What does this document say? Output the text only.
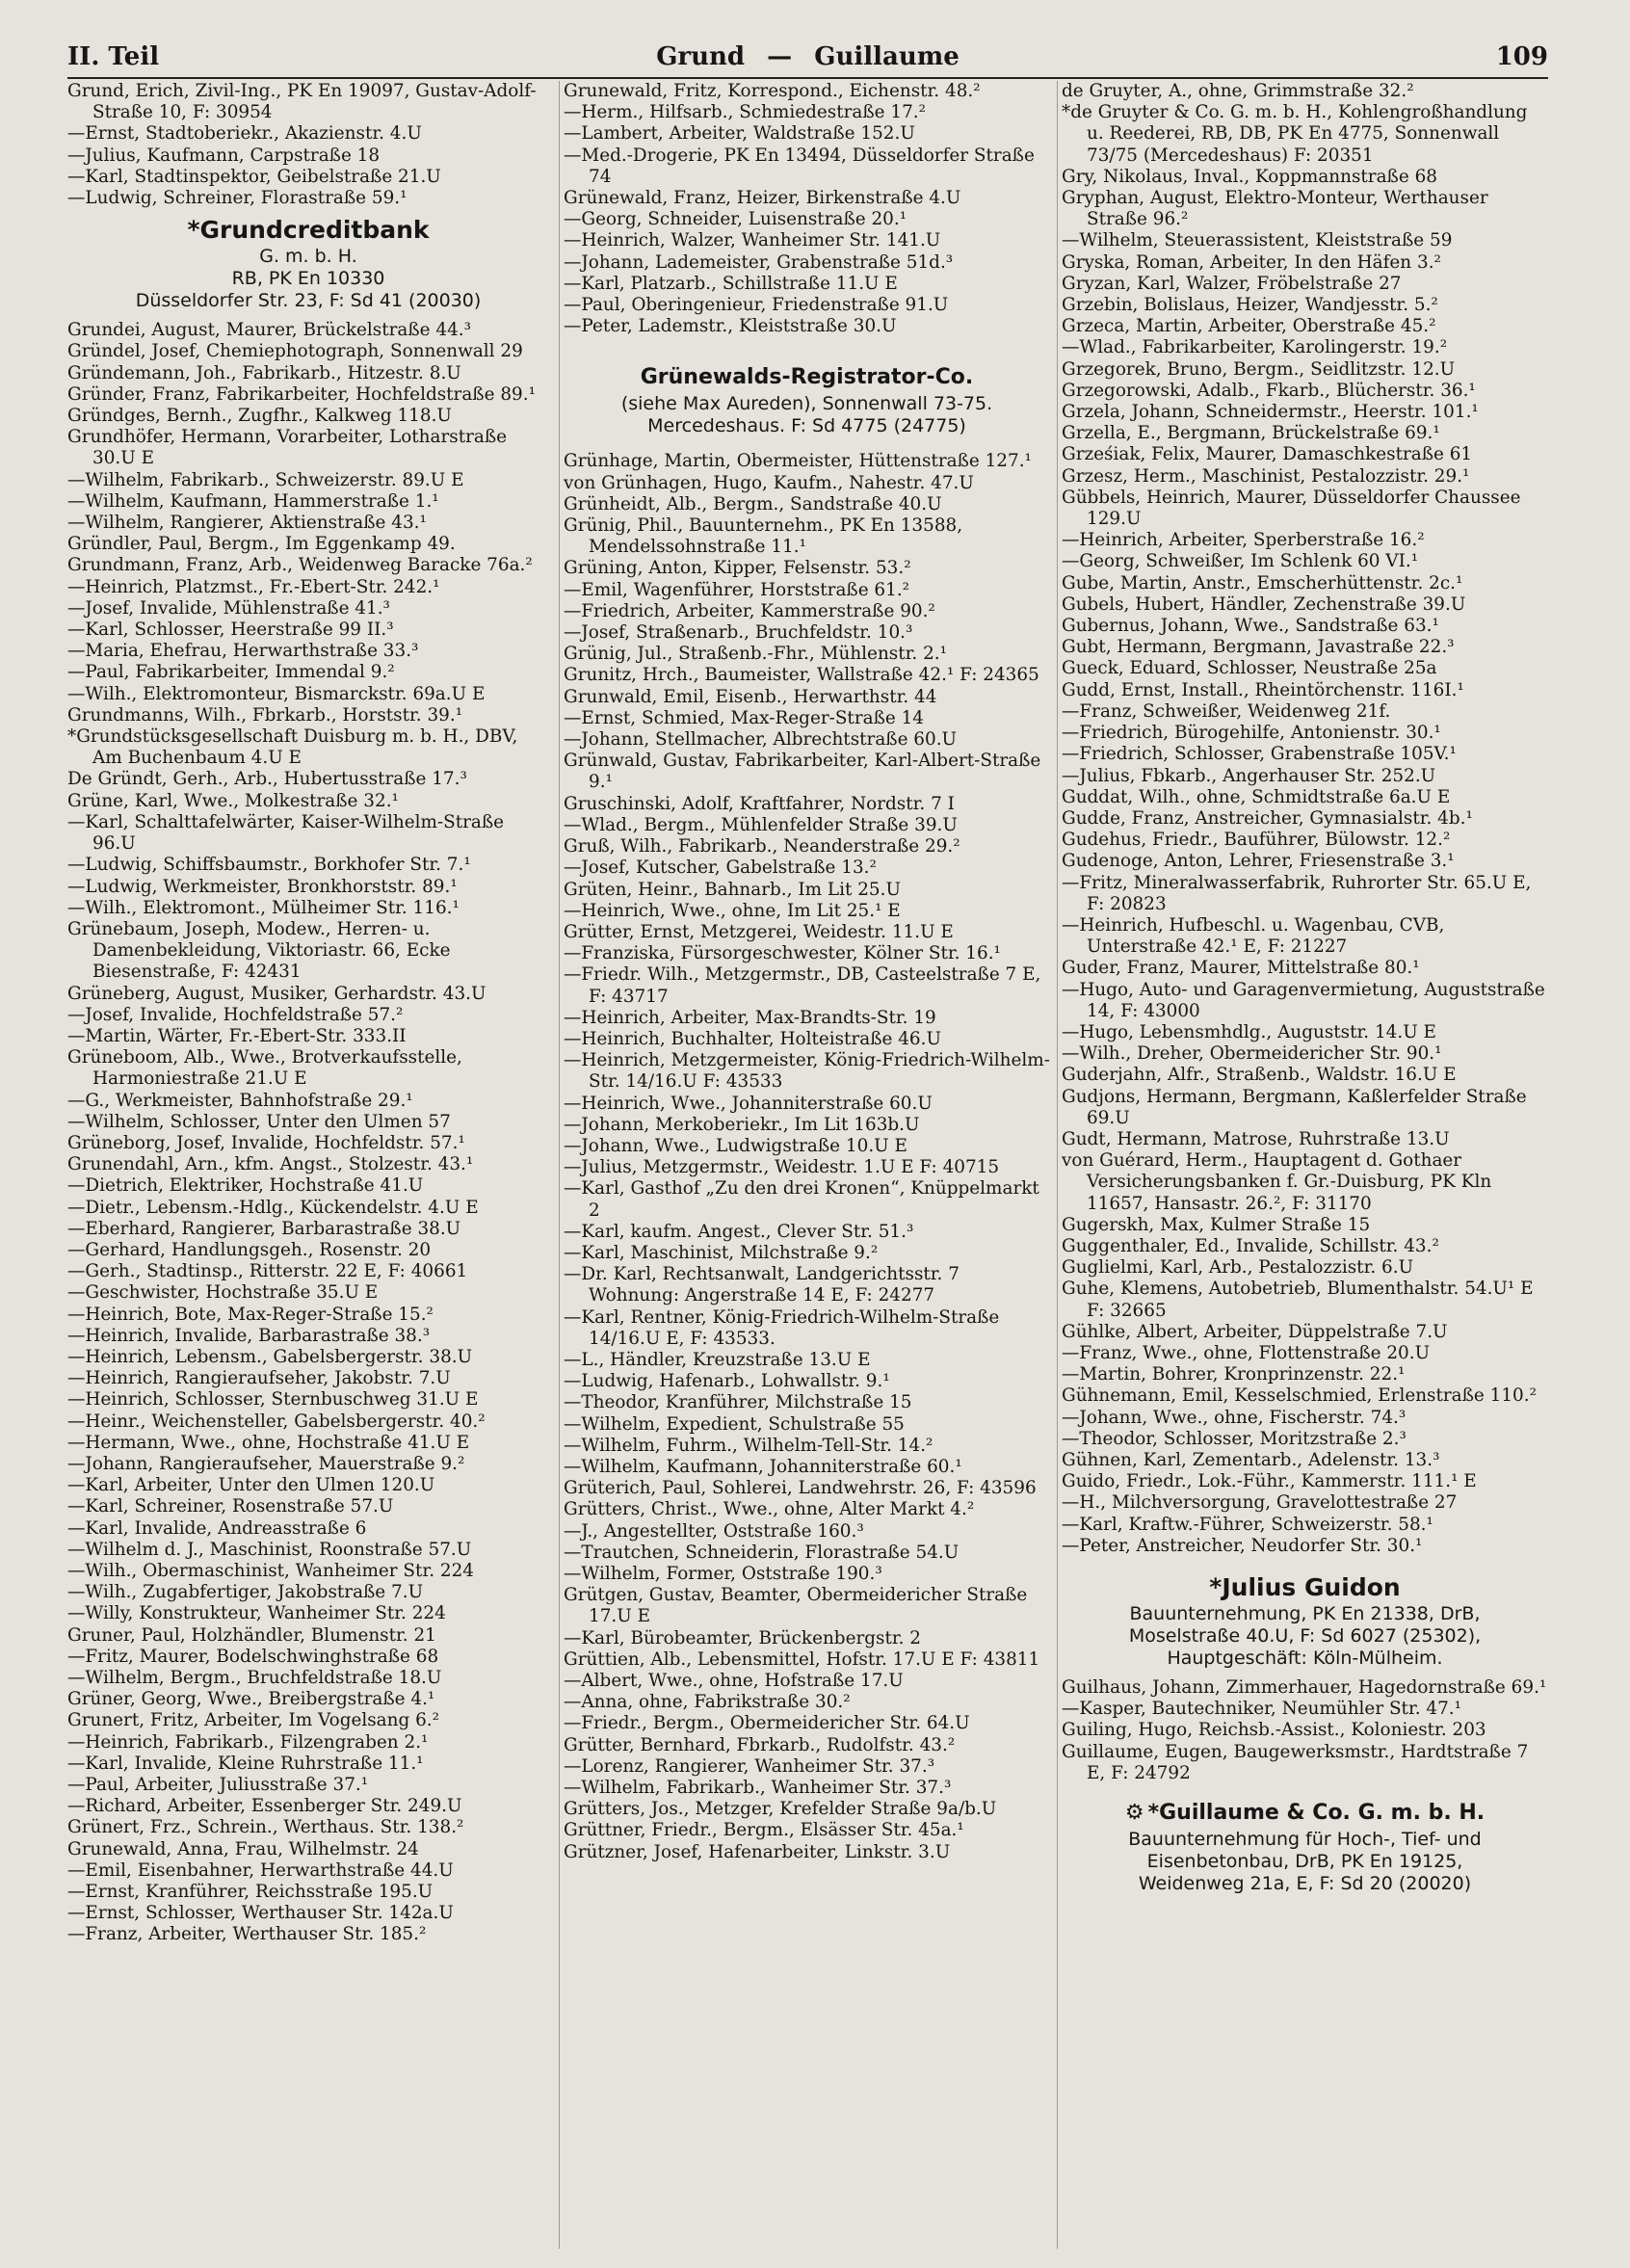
II. Teil	Grund — Guillaume	109

Grund, Erich, Zivil-Ing., PK En 19097, Gustav-Adolf-Straße 10, F: 30954

—Ernst, Stadtoberiekr., Akazienstr. 4.U

—Julius, Kaufmann, Carpstraße 18

—Karl, Stadtinspektor, Geibelstraße 21.U

—Ludwig, Schreiner, Florastraße 59.¹

*Grundcreditbank
G. m. b. H.
RB, PK En 10330
Düsseldorfer Str. 23, F: Sd 41 (20030)

Grundei, August, Maurer, Brückelstraße 44.³

Gründel, Josef, Chemiephotograph, Sonnenwall 29

Gründemann, Joh., Fabrikarb., Hitzestr. 8.U

Gründer, Franz, Fabrikarbeiter, Hochfeldstraße 89.¹

Gründges, Bernh., Zugfhr., Kalkweg 118.U

Grundhöfer, Hermann, Vorarbeiter, Lotharstraße 30.U E

—Wilhelm, Fabrikarb., Schweizerstr. 89.U E

—Wilhelm, Kaufmann, Hammerstraße 1.¹

—Wilhelm, Rangierer, Aktienstraße 43.¹

Gründler, Paul, Bergm., Im Eggenkamp 49.

Grundmann, Franz, Arb., Weidenweg Baracke 76a.²

—Heinrich, Platzmst., Fr.-Ebert-Str. 242.¹

—Josef, Invalide, Mühlenstraße 41.³

—Karl, Schlosser, Heerstraße 99 II.³

—Maria, Ehefrau, Herwarthstraße 33.³

—Paul, Fabrikarbeiter, Immendal 9.²

—Wilh., Elektromonteur, Bismarckstr. 69a.U E

Grundmanns, Wilh., Fbrkarb., Horststr. 39.¹

*Grundstücksgesellschaft Duisburg m. b. H., DBV, Am Buchenbaum 4.U E

De Gründt, Gerh., Arb., Hubertusstraße 17.³

Grüne, Karl, Wwe., Molkestraße 32.¹

—Karl, Schalttafelwärter, Kaiser-Wilhelm-Straße 96.U

—Ludwig, Schiffsbaumstr., Borkhofer Str. 7.¹

—Ludwig, Werkmeister, Bronkhorststr. 89.¹

—Wilh., Elektromont., Mülheimer Str. 116.¹

Grünebaum, Joseph, Modew., Herren- u. Damenbekleidung, Viktoriastr. 66, Ecke Biesenstraße, F: 42431

Grüneberg, August, Musiker, Gerhardstr. 43.U

—Josef, Invalide, Hochfeldstraße 57.²

—Martin, Wärter, Fr.-Ebert-Str. 333.II

Grüneboom, Alb., Wwe., Brotverkaufsstelle, Harmoniestraße 21.U E

—G., Werkmeister, Bahnhofstraße 29.¹

—Wilhelm, Schlosser, Unter den Ulmen 57

Grüneborg, Josef, Invalide, Hochfeldstr. 57.¹

Grunendahl, Arn., kfm. Angst., Stolzestr. 43.¹

—Dietrich, Elektriker, Hochstraße 41.U

—Dietr., Lebensm.-Hdlg., Kückendelstr. 4.U E

—Eberhard, Rangierer, Barbarastraße 38.U

—Gerhard, Handlungsgeh., Rosenstr. 20

—Gerh., Stadtinsp., Ritterstr. 22 E, F: 40661

—Geschwister, Hochstraße 35.U E

—Heinrich, Bote, Max-Reger-Straße 15.²

—Heinrich, Invalide, Barbarastraße 38.³

—Heinrich, Lebensm., Gabelsbergerstr. 38.U

—Heinrich, Rangieraufseher, Jakobstr. 7.U

—Heinrich, Schlosser, Sternbuschweg 31.U E

—Heinr., Weichensteller, Gabelsbergerstr. 40.²

—Hermann, Wwe., ohne, Hochstraße 41.U E

—Johann, Rangieraufseher, Mauerstraße 9.²

—Karl, Arbeiter, Unter den Ulmen 120.U

—Karl, Schreiner, Rosenstraße 57.U

—Karl, Invalide, Andreasstraße 6

—Wilhelm d. J., Maschinist, Roonstraße 57.U

—Wilh., Obermaschinist, Wanheimer Str. 224

—Wilh., Zugabfertiger, Jakobstraße 7.U

—Willy, Konstrukteur, Wanheimer Str. 224

Gruner, Paul, Holzhändler, Blumenstr. 21

—Fritz, Maurer, Bodelschwinghstraße 68

—Wilhelm, Bergm., Bruchfeldstraße 18.U

Grüner, Georg, Wwe., Breibergstraße 4.¹

Grunert, Fritz, Arbeiter, Im Vogelsang 6.²

—Heinrich, Fabrikarb., Filzengraben 2.¹

—Karl, Invalide, Kleine Ruhrstraße 11.¹

—Paul, Arbeiter, Juliusstraße 37.¹

—Richard, Arbeiter, Essenberger Str. 249.U

Grünert, Frz., Schrein., Werthaus. Str. 138.²

Grunewald, Anna, Frau, Wilhelmstr. 24

—Emil, Eisenbahner, Herwarthstraße 44.U

—Ernst, Kranführer, Reichsstraße 195.U

—Ernst, Schlosser, Werthauser Str. 142a.U

—Franz, Arbeiter, Werthauser Str. 185.²

Grunewald, Fritz, Korrespond., Eichenstr. 48.²

—Herm., Hilfsarb., Schmiedestraße 17.²

—Lambert, Arbeiter, Waldstraße 152.U

—Med.-Drogerie, PK En 13494, Düsseldorfer Straße 74

Grünewald, Franz, Heizer, Birkenstraße 4.U

—Georg, Schneider, Luisenstraße 20.¹

—Heinrich, Walzer, Wanheimer Str. 141.U

—Johann, Lademeister, Grabenstraße 51d.³

—Karl, Platzarb., Schillstraße 11.U E

—Paul, Oberingenieur, Friedenstraße 91.U

—Peter, Lademstr., Kleiststraße 30.U

Grünewalds-Registrator-Co.
(siehe Max Aureden), Sonnenwall 73-75.
Mercedeshaus. F: Sd 4775 (24775)

Grünhage, Martin, Obermeister, Hüttenstraße 127.¹

von Grünhagen, Hugo, Kaufm., Nahestr. 47.U

Grünheidt, Alb., Bergm., Sandstraße 40.U

Grünig, Phil., Bauunternehm., PK En 13588, Mendelssohnstraße 11.¹

Grüning, Anton, Kipper, Felsenstr. 53.²

—Emil, Wagenführer, Horststraße 61.²

—Friedrich, Arbeiter, Kammerstraße 90.²

—Josef, Straßenarb., Bruchfeldstr. 10.³

Grünig, Jul., Straßenb.-Fhr., Mühlenstr. 2.¹

Grunitz, Hrch., Baumeister, Wallstraße 42.¹ F: 24365

Grunwald, Emil, Eisenb., Herwarthstr. 44

—Ernst, Schmied, Max-Reger-Straße 14

—Johann, Stellmacher, Albrechtstraße 60.U

Grünwald, Gustav, Fabrikarbeiter, Karl-Albert-Straße 9.¹

Gruschinski, Adolf, Kraftfahrer, Nordstr. 7 I

—Wlad., Bergm., Mühlenfelder Straße 39.U

Gruß, Wilh., Fabrikarb., Neanderstraße 29.²

—Josef, Kutscher, Gabelstraße 13.²

Grüten, Heinr., Bahnarb., Im Lit 25.U

—Heinrich, Wwe., ohne, Im Lit 25.¹ E

Grütter, Ernst, Metzgerei, Weidestr. 11.U E

—Franziska, Fürsorgeschwester, Kölner Str. 16.¹

—Friedr. Wilh., Metzgermstr., DB, Casteelstraße 7 E, F: 43717

—Heinrich, Arbeiter, Max-Brandts-Str. 19

—Heinrich, Buchhalter, Holteistraße 46.U

—Heinrich, Metzgermeister, König-Friedrich-Wilhelm-Str. 14/16.U F: 43533

—Heinrich, Wwe., Johanniterstraße 60.U

—Johann, Merkoberiekr., Im Lit 163b.U

—Johann, Wwe., Ludwigstraße 10.U E

—Julius, Metzgermstr., Weidestr. 1.U E F: 40715

—Karl, Gasthof „Zu den drei Kronen“, Knüppelmarkt 2

—Karl, kaufm. Angest., Clever Str. 51.³

—Karl, Maschinist, Milchstraße 9.²

—Dr. Karl, Rechtsanwalt, Landgerichtsstr. 7 Wohnung: Angerstraße 14 E, F: 24277

—Karl, Rentner, König-Friedrich-Wilhelm-Straße 14/16.U E, F: 43533.

—L., Händler, Kreuzstraße 13.U E

—Ludwig, Hafenarb., Lohwallstr. 9.¹

—Theodor, Kranführer, Milchstraße 15

—Wilhelm, Expedient, Schulstraße 55

—Wilhelm, Fuhrm., Wilhelm-Tell-Str. 14.²

—Wilhelm, Kaufmann, Johanniterstraße 60.¹

Grüterich, Paul, Sohlerei, Landwehrstr. 26, F: 43596

Grütters, Christ., Wwe., ohne, Alter Markt 4.²

—J., Angestellter, Oststraße 160.³

—Trautchen, Schneiderin, Florastraße 54.U

—Wilhelm, Former, Oststraße 190.³

Grütgen, Gustav, Beamter, Obermeidericher Straße 17.U E

—Karl, Bürobeamter, Brückenbergstr. 2

Grüttien, Alb., Lebensmittel, Hofstr. 17.U E F: 43811

—Albert, Wwe., ohne, Hofstraße 17.U

—Anna, ohne, Fabrikstraße 30.²

—Friedr., Bergm., Obermeidericher Str. 64.U

Grütter, Bernhard, Fbrkarb., Rudolfstr. 43.²

—Lorenz, Rangierer, Wanheimer Str. 37.³

—Wilhelm, Fabrikarb., Wanheimer Str. 37.³

Grütters, Jos., Metzger, Krefelder Straße 9a/b.U

Grüttner, Friedr., Bergm., Elsässer Str. 45a.¹

Grützner, Josef, Hafenarbeiter, Linkstr. 3.U

de Gruyter, A., ohne, Grimmstraße 32.²

*de Gruyter & Co. G. m. b. H., Kohlengroßhandlung u. Reederei, RB, DB, PK En 4775, Sonnenwall 73/75 (Mercedeshaus) F: 20351

Gry, Nikolaus, Inval., Koppmannstraße 68

Gryphan, August, Elektro-Monteur, Werthauser Straße 96.²

—Wilhelm, Steuerassistent, Kleiststraße 59

Gryska, Roman, Arbeiter, In den Häfen 3.²

Gryzan, Karl, Walzer, Fröbelstraße 27

Grzebin, Bolislaus, Heizer, Wandjesstr. 5.²

Grzeca, Martin, Arbeiter, Oberstraße 45.²

—Wlad., Fabrikarbeiter, Karolingerstr. 19.²

Grzegorek, Bruno, Bergm., Seidlitzstr. 12.U

Grzegorowski, Adalb., Fkarb., Blücherstr. 36.¹

Grzela, Johann, Schneidermstr., Heerstr. 101.¹

Grzella, E., Bergmann, Brückelstraße 69.¹

Grześiak, Felix, Maurer, Damaschkestraße 61

Grzesz, Herm., Maschinist, Pestalozzistr. 29.¹

Gübbels, Heinrich, Maurer, Düsseldorfer Chaussee 129.U

—Heinrich, Arbeiter, Sperberstraße 16.²

—Georg, Schweißer, Im Schlenk 60 VI.¹

Gube, Martin, Anstr., Emscherhüttenstr. 2c.¹

Gubels, Hubert, Händler, Zechenstraße 39.U

Gubernus, Johann, Wwe., Sandstraße 63.¹

Gubt, Hermann, Bergmann, Javastraße 22.³

Gueck, Eduard, Schlosser, Neustraße 25a

Gudd, Ernst, Install., Rheintörchenstr. 116I.¹

—Franz, Schweißer, Weidenweg 21f.

—Friedrich, Bürogehilfe, Antonienstr. 30.¹

—Friedrich, Schlosser, Grabenstraße 105V.¹

—Julius, Fbkarb., Angerhauser Str. 252.U

Guddat, Wilh., ohne, Schmidtstraße 6a.U E

Gudde, Franz, Anstreicher, Gymnasialstr. 4b.¹

Gudehus, Friedr., Bauführer, Bülowstr. 12.²

Gudenoge, Anton, Lehrer, Friesenstraße 3.¹

—Fritz, Mineralwasserfabrik, Ruhrorter Str. 65.U E, F: 20823

—Heinrich, Hufbeschl. u. Wagenbau, CVB, Unterstraße 42.¹ E, F: 21227

Guder, Franz, Maurer, Mittelstraße 80.¹

—Hugo, Auto- und Garagenvermietung, Auguststraße 14, F: 43000

—Hugo, Lebensmhdlg., Auguststr. 14.U E

—Wilh., Dreher, Obermeidericher Str. 90.¹

Guderjahn, Alfr., Straßenb., Waldstr. 16.U E

Gudjons, Hermann, Bergmann, Kaßlerfelder Straße 69.U

Gudt, Hermann, Matrose, Ruhrstraße 13.U

von Guérard, Herm., Hauptagent d. Gothaer Versicherungsbanken f. Gr.-Duisburg, PK Kln 11657, Hansastr. 26.², F: 31170

Gugerskh, Max, Kulmer Straße 15

Guggenthaler, Ed., Invalide, Schillstr. 43.²

Guglielmi, Karl, Arb., Pestalozzistr. 6.U

Guhe, Klemens, Autobetrieb, Blumenthalstr. 54.U¹ E F: 32665

Gühlke, Albert, Arbeiter, Düppelstraße 7.U

—Franz, Wwe., ohne, Flottenstraße 20.U

—Martin, Bohrer, Kronprinzenstr. 22.¹

Gühnemann, Emil, Kesselschmied, Erlenstraße 110.²

—Johann, Wwe., ohne, Fischerstr. 74.³

—Theodor, Schlosser, Moritzstraße 2.³

Gühnen, Karl, Zementarb., Adelenstr. 13.³

Guido, Friedr., Lok.-Führ., Kammerstr. 111.¹ E

—H., Milchversorgung, Gravelottestraße 27

—Karl, Kraftw.-Führer, Schweizerstr. 58.¹

—Peter, Anstreicher, Neudorfer Str. 30.¹

*Julius Guidon
Bauunternehmung, PK En 21338, DrB,
Moselstraße 40.U, F: Sd 6027 (25302),
Hauptgeschäft: Köln-Mülheim.

Guilhaus, Johann, Zimmerhauer, Hagedornstraße 69.¹

—Kasper, Bautechniker, Neumühler Str. 47.¹

Guiling, Hugo, Reichsb.-Assist., Koloniestr. 203

Guillaume, Eugen, Baugewerksmstr., Hardtstraße 7 E, F: 24792

⚙ *Guillaume & Co. G. m. b. H.
Bauunternehmung für Hoch-, Tief- und
Eisenbetonbau, DrB, PK En 19125,
Weidenweg 21a, E, F: Sd 20 (20020)
